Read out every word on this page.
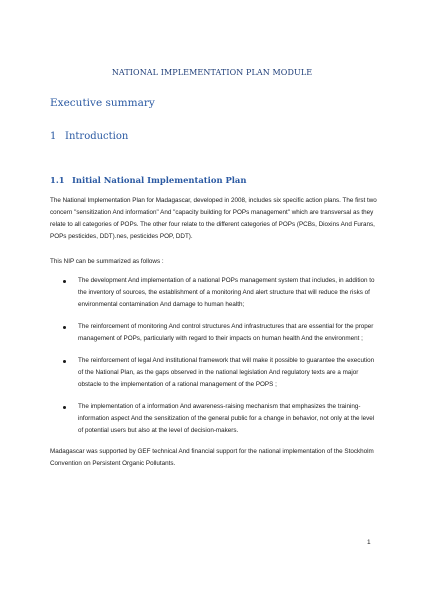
NATIONAL IMPLEMENTATION PLAN MODULE
Executive summary
1 Introduction
1.1 Initial National Implementation Plan

The National Implementation Plan for Madagascar, developed in 2008, includes six specific action plans. The first two concern "sensitization And information" And "capacity building for POPs management" which are transversal as they relate to all categories of POPs. The other four relate to the different categories of POPs (PCBs, Dioxins And Furans, POPs pesticides, DDT).nes, pesticides POP, DDT).

This NIP can be summarized as follows :

The development And implementation of a national POPs management system that includes, in addition to the inventory of sources, the establishment of a monitoring And alert structure that will reduce the risks of environmental contamination And damage to human health;
The reinforcement of monitoring And control structures And infrastructures that are essential for the proper management of POPs, particularly with regard to their impacts on human health And the environment ;
The reinforcement of legal And institutional framework that will make it possible to guarantee the execution of the National Plan, as the gaps observed in the national legislation And regulatory texts are a major obstacle to the implementation of a rational management of the POPS ;
The implementation of a information And awareness-raising mechanism that emphasizes the training-information aspect And the sensitization of the general public for a change in behavior, not only at the level of potential users but also at the level of decision-makers.

Madagascar was supported by GEF technical And financial support for the national implementation of the Stockholm Convention on Persistent Organic Pollutants.

1
